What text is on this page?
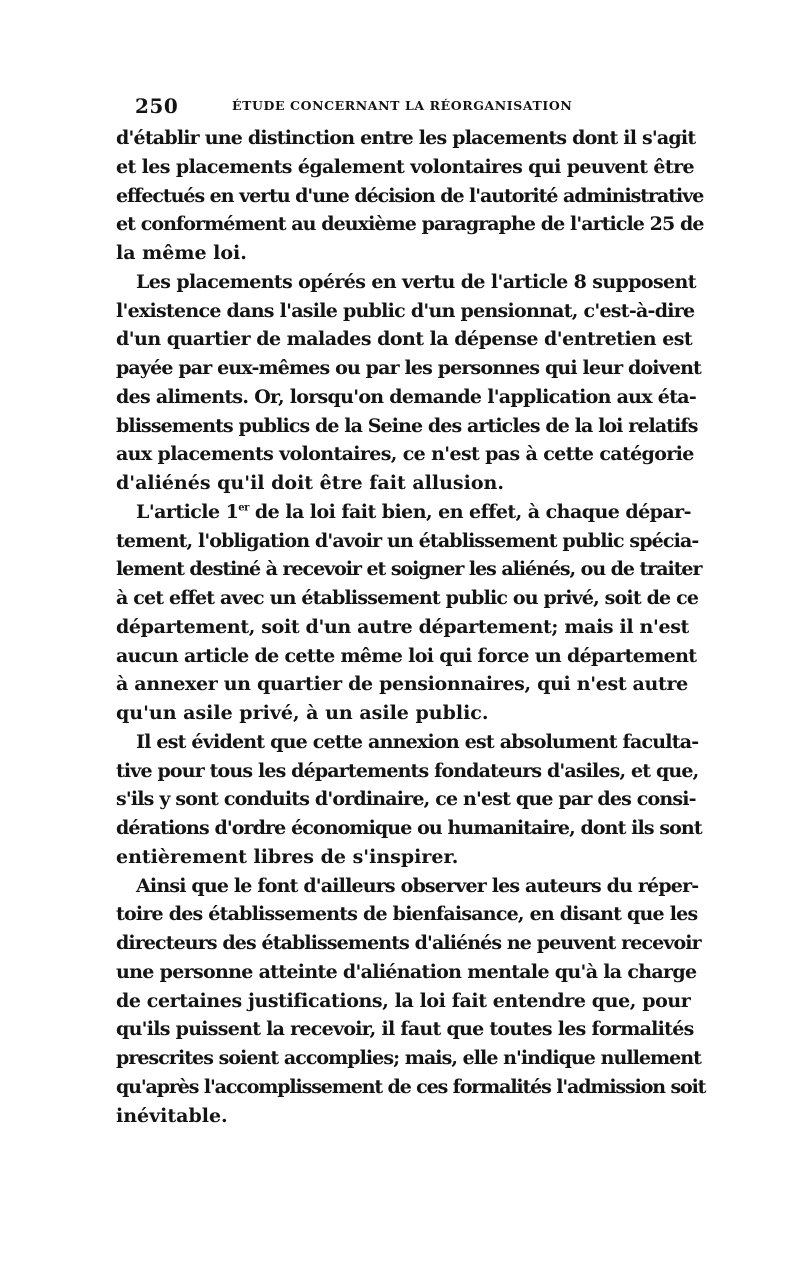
250	ÉTUDE CONCERNANT LA RÉORGANISATION
d'établir une distinction entre les placements dont il s'agit
et les placements également volontaires qui peuvent être
effectués en vertu d'une décision de l'autorité administrative
et conformément au deuxième paragraphe de l'article 25 de
la même loi.
Les placements opérés en vertu de l'article 8 supposent
l'existence dans l'asile public d'un pensionnat, c'est-à-dire
d'un quartier de malades dont la dépense d'entretien est
payée par eux-mêmes ou par les personnes qui leur doivent
des aliments. Or, lorsqu'on demande l'application aux éta-
blissements publics de la Seine des articles de la loi relatifs
aux placements volontaires, ce n'est pas à cette catégorie
d'aliénés qu'il doit être fait allusion.
L'article 1er de la loi fait bien, en effet, à chaque dépar-
tement, l'obligation d'avoir un établissement public spécia-
lement destiné à recevoir et soigner les aliénés, ou de traiter
à cet effet avec un établissement public ou privé, soit de ce
département, soit d'un autre département; mais il n'est
aucun article de cette même loi qui force un département
à annexer un quartier de pensionnaires, qui n'est autre
qu'un asile privé, à un asile public.
Il est évident que cette annexion est absolument faculta-
tive pour tous les départements fondateurs d'asiles, et que,
s'ils y sont conduits d'ordinaire, ce n'est que par des consi-
dérations d'ordre économique ou humanitaire, dont ils sont
entièrement libres de s'inspirer.
Ainsi que le font d'ailleurs observer les auteurs du réper-
toire des établissements de bienfaisance, en disant que les
directeurs des établissements d'aliénés ne peuvent recevoir
une personne atteinte d'aliénation mentale qu'à la charge
de certaines justifications, la loi fait entendre que, pour
qu'ils puissent la recevoir, il faut que toutes les formalités
prescrites soient accomplies; mais, elle n'indique nullement
qu'après l'accomplissement de ces formalités l'admission soit
inévitable.
